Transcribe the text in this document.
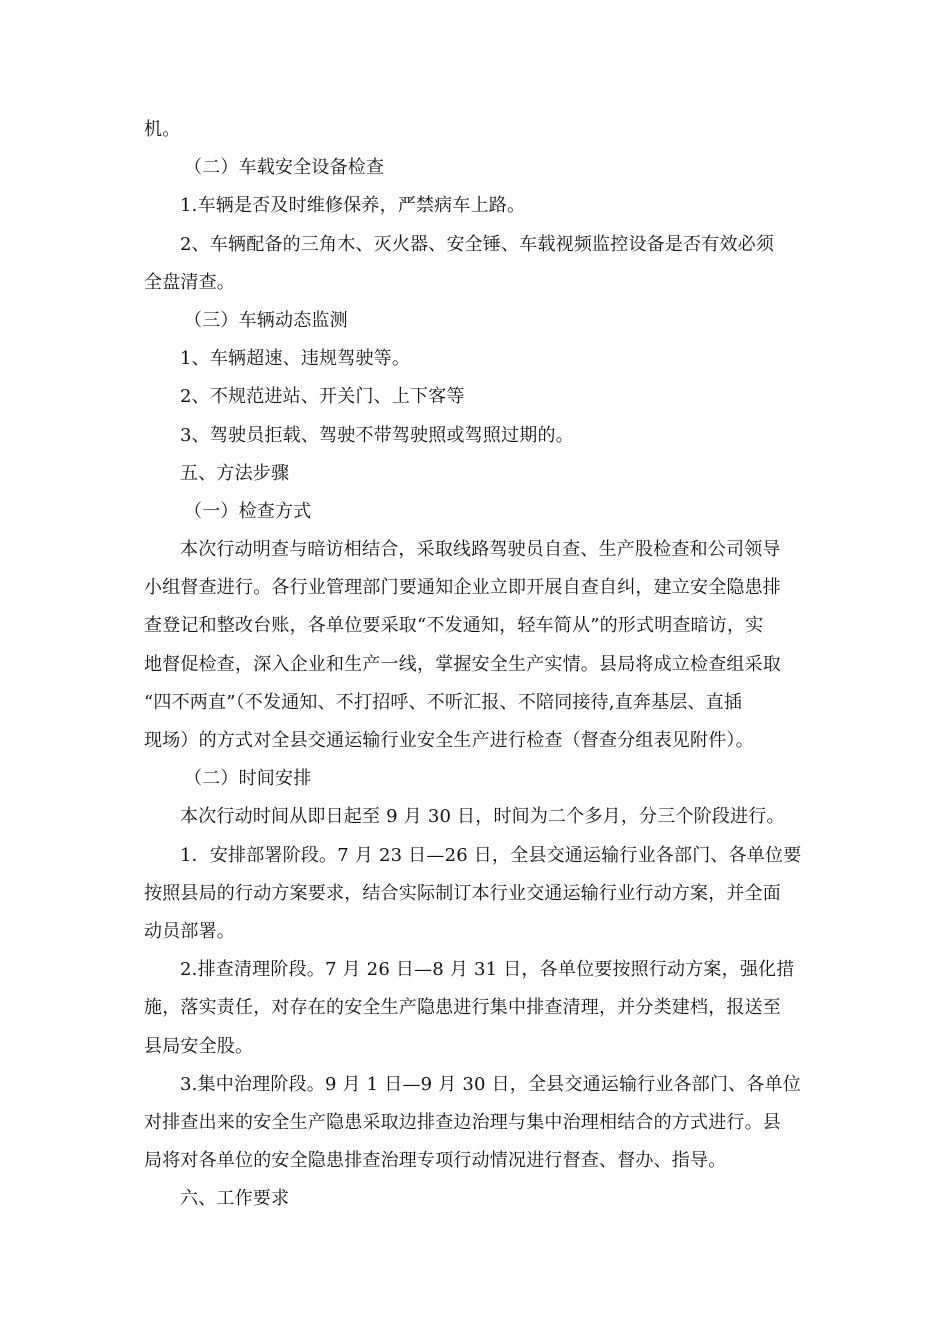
机。
（二）车载安全设备检查
1.车辆是否及时维修保养，严禁病车上路。
2、车辆配备的三角木、灭火器、安全锤、车载视频监控设备是否有效必须
全盘清查。
（三）车辆动态监测
1、车辆超速、违规驾驶等。
2、不规范进站、开关门、上下客等
3、驾驶员拒载、驾驶不带驾驶照或驾照过期的。
五、方法步骤
（一）检查方式
本次行动明查与暗访相结合，采取线路驾驶员自查、生产股检查和公司领导
小组督查进行。各行业管理部门要通知企业立即开展自查自纠，建立安全隐患排
查登记和整改台账，各单位要采取“不发通知，轻车简从”的形式明查暗访，实
地督促检查，深入企业和生产一线，掌握安全生产实情。县局将成立检查组采取
“四不两直”（不发通知、不打招呼、不听汇报、不陪同接待,直奔基层、直插
现场）的方式对全县交通运输行业安全生产进行检查（督查分组表见附件）。
（二）时间安排
本次行动时间从即日起至 9 月 30 日，时间为二个多月，分三个阶段进行。
1．安排部署阶段。7 月 23 日—26 日，全县交通运输行业各部门、各单位要
按照县局的行动方案要求，结合实际制订本行业交通运输行业行动方案，并全面
动员部署。
2.排查清理阶段。7 月 26 日—8 月 31 日，各单位要按照行动方案，强化措
施，落实责任，对存在的安全生产隐患进行集中排查清理，并分类建档，报送至
县局安全股。
3.集中治理阶段。9 月 1 日—9 月 30 日，全县交通运输行业各部门、各单位
对排查出来的安全生产隐患采取边排查边治理与集中治理相结合的方式进行。县
局将对各单位的安全隐患排查治理专项行动情况进行督查、督办、指导。
六、工作要求
